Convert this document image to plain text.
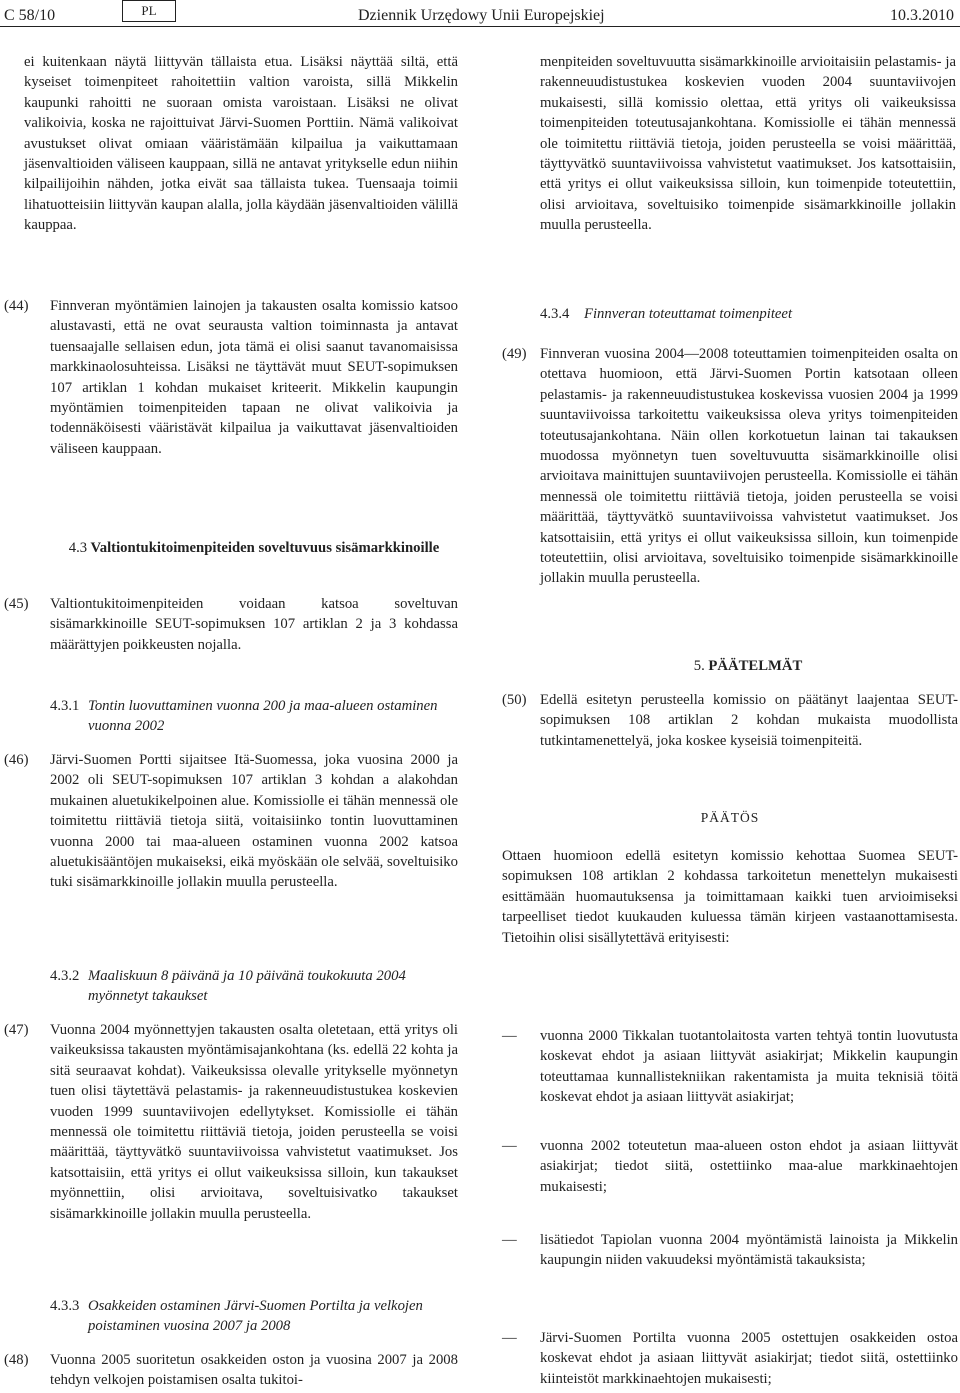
C 58/10	PL	Dziennik Urzędowy Unii Europejskiej	10.3.2010
ei kuitenkaan näytä liittyvän tällaista etua. Lisäksi näyttää siltä, että kyseiset toimenpiteet rahoitettiin valtion varoista, sillä Mikkelin kaupunki rahoitti ne suoraan omista varoistaan. Lisäksi ne olivat valikoivia, koska ne rajoittuivat Järvi-Suomen Porttiin. Nämä valikoivat avustukset olivat omiaan vääristämään kilpailua ja vaikuttamaan jäsenvaltioiden väliseen kauppaan, sillä ne antavat yritykselle edun niihin kilpailijoihin nähden, jotka eivät saa tällaista tukea. Tuensaaja toimii lihatuotteisiin liittyvän kaupan alalla, jolla käydään jäsenvaltioiden välillä kauppaa.
menpiteiden soveltuvuutta sisämarkkinoille arvioitaisiin pelastamis- ja rakenneuudistustukea koskevien vuoden 2004 suuntaviivojen mukaisesti, sillä komissio olettaa, että yritys oli vaikeuksissa toimenpiteiden toteutusajankohtana. Komissiolle ei tähän mennessä ole toimitettu riittäviä tietoja, joiden perusteella se voisi määrittää, täyttyvätkö suuntaviivoissa vahvistetut vaatimukset. Jos katsottaisiin, että yritys ei ollut vaikeuksissa silloin, kun toimenpide toteutettiin, olisi arvioitava, soveltuisiko toimenpide sisämarkkinoille jollakin muulla perusteella.
(44) Finnveran myöntämien lainojen ja takausten osalta komissio katsoo alustavasti, että ne ovat seurausta valtion toiminnasta ja antavat tuensaajalle sellaisen edun, jota tämä ei olisi saanut tavanomaisissa markkinaolosuhteissa. Lisäksi ne täyttävät muut SEUT-sopimuksen 107 artiklan 1 kohdan mukaiset kriteerit. Mikkelin kaupungin myöntämien toimenpiteiden tapaan ne olivat valikoivia ja todennäköisesti vääristävät kilpailua ja vaikuttavat jäsenvaltioiden väliseen kauppaan.
4.3 Valtiontukitoimenpiteiden soveltuvuus sisämarkkinoille
(45) Valtiontukitoimenpiteiden voidaan katsoa soveltuvan sisämarkkinoille SEUT-sopimuksen 107 artiklan 2 ja 3 kohdassa määrättyjen poikkeusten nojalla.
4.3.1 Tontin luovuttaminen vuonna 200 ja maa-alueen ostaminen vuonna 2002
(46) Järvi-Suomen Portti sijaitsee Itä-Suomessa, joka vuosina 2000 ja 2002 oli SEUT-sopimuksen 107 artiklan 3 kohdan a alakohdan mukainen aluetukikelpoinen alue. Komissiolle ei tähän mennessä ole toimitettu riittäviä tietoja siitä, voitaisiinko tontin luovuttaminen vuonna 2000 tai maa-alueen ostaminen vuonna 2002 katsoa aluetukisääntöjen mukaiseksi, eikä myöskään ole selvää, soveltuisiko tuki sisämarkkinoille jollakin muulla perusteella.
4.3.2 Maaliskuun 8 päivänä ja 10 päivänä toukokuuta 2004 myönnetyt takaukset
(47) Vuonna 2004 myönnettyjen takausten osalta oletetaan, että yritys oli vaikeuksissa takausten myöntämisajankohtana (ks. edellä 22 kohta ja sitä seuraavat kohdat). Vaikeuksissa olevalle yritykselle myönnetyn tuen olisi täytettävä pelastamis- ja rakenneuudistustukea koskevien vuoden 1999 suuntaviivojen edellytykset. Komissiolle ei tähän mennessä ole toimitettu riittäviä tietoja, joiden perusteella se voisi määrittää, täyttyvätkö suuntaviivoissa vahvistetut vaatimukset. Jos katsottaisiin, että yritys ei ollut vaikeuksissa silloin, kun takaukset myönnettiin, olisi arvioitava, soveltuisivatko takaukset sisämarkkinoille jollakin muulla perusteella.
4.3.3 Osakkeiden ostaminen Järvi-Suomen Portilta ja velkojen poistaminen vuosina 2007 ja 2008
(48) Vuonna 2005 suoritetun osakkeiden oston ja vuosina 2007 ja 2008 tehdyn velkojen poistamisen osalta tukitoi-
4.3.4 Finnveran toteuttamat toimenpiteet
(49) Finnveran vuosina 2004—2008 toteuttamien toimenpiteiden osalta on otettava huomioon, että Järvi-Suomen Portin katsotaan olleen pelastamis- ja rakenneuudistustukea koskevissa vuosien 2004 ja 1999 suuntaviivoissa tarkoitettu vaikeuksissa oleva yritys toimenpiteiden toteutusajankohtana. Näin ollen korkotuetun lainan tai takauksen muodossa myönnetyn tuen soveltuvuutta sisämarkkinoille olisi arvioitava mainittujen suuntaviivojen perusteella. Komissiolle ei tähän mennessä ole toimitettu riittäviä tietoja, joiden perusteella se voisi määrittää, täyttyvätkö suuntaviivoissa vahvistetut vaatimukset. Jos katsottaisiin, että yritys ei ollut vaikeuksissa silloin, kun toimenpide toteutettiin, olisi arvioitava, soveltuisiko toimenpide sisämarkkinoille jollakin muulla perusteella.
5. PÄÄTELMÄT
(50) Edellä esitetyn perusteella komissio on päätänyt laajentaa SEUT-sopimuksen 108 artiklan 2 kohdan mukaista muodollista tutkintamenettelyä, joka koskee kyseisiä toimenpiteitä.
PÄÄTÖS
Ottaen huomioon edellä esitetyn komissio kehottaa Suomea SEUT-sopimuksen 108 artiklan 2 kohdassa tarkoitetun menettelyn mukaisesti esittämään huomautuksensa ja toimittamaan kaikki tuen arvioimiseksi tarpeelliset tiedot kuukauden kuluessa tämän kirjeen vastaanottamisesta. Tietoihin olisi sisällytettävä erityisesti:
— vuonna 2000 Tikkalan tuotantolaitosta varten tehtyä tontin luovutusta koskevat ehdot ja asiaan liittyvät asiakirjat; Mikkelin kaupungin toteuttamaa kunnallistekniikan rakentamista ja muita teknisiä töitä koskevat ehdot ja asiaan liittyvät asiakirjat;
— vuonna 2002 toteutetun maa-alueen oston ehdot ja asiaan liittyvät asiakirjat; tiedot siitä, ostettiinko maa-alue markkinaehtojen mukaisesti;
— lisätiedot Tapiolan vuonna 2004 myöntämistä lainoista ja Mikkelin kaupungin niiden vakuudeksi myöntämistä takauksista;
— Järvi-Suomen Portilta vuonna 2005 ostettujen osakkeiden ostoa koskevat ehdot ja asiaan liittyvät asiakirjat; tiedot siitä, ostettiinko kiinteistöt markkinaehtojen mukaisesti;
